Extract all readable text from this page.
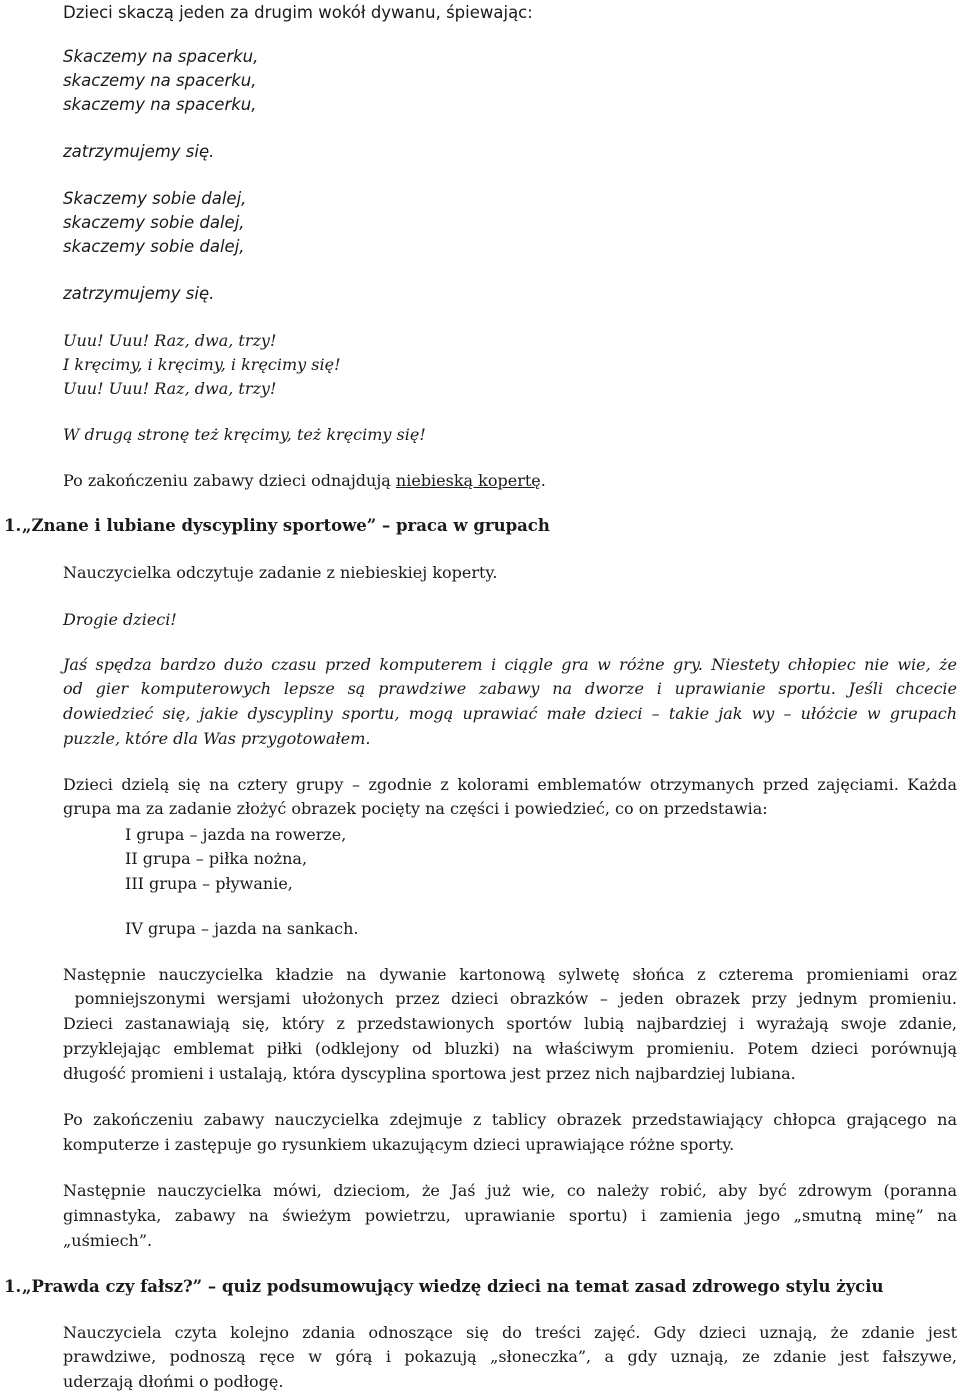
Dzieci skaczą jeden za drugim wokół dywanu, śpiewając:
Skaczemy na spacerku,
skaczemy na spacerku,
skaczemy na spacerku,
zatrzymujemy się.
Skaczemy sobie dalej,
skaczemy sobie dalej,
skaczemy sobie dalej,
zatrzymujemy się.
Uuu! Uuu! Raz, dwa, trzy!
I kręcimy, i kręcimy, i kręcimy się!
Uuu! Uuu! Raz, dwa, trzy!
W drugą stronę też kręcimy, też kręcimy się!
Po zakończeniu zabawy dzieci odnajdują niebieską kopertę.
1. „Znane i lubiane dyscypliny sportowe” – praca w grupach
Nauczycielka odczytuje zadanie z niebieskiej koperty.
Drogie dzieci!
Jaś spędza bardzo dużo czasu przed komputerem i ciągle gra w różne gry. Niestety chłopiec nie wie, że
od gier komputerowych lepsze są prawdziwe zabawy na dworze i uprawianie sportu. Jeśli chcecie
dowiedzieć się, jakie dyscypliny sportu, mogą uprawiać małe dzieci – takie jak wy – ułóżcie w grupach
puzzle, które dla Was przygotowałem.
Dzieci dzielą się na cztery grupy – zgodnie z kolorami emblematów otrzymanych przed zajęciami. Każda
grupa ma za zadanie złożyć obrazek pocięty na części i powiedzieć, co on przedstawia:
I grupa – jazda na rowerze,
II grupa – piłka nożna,
III grupa – pływanie,
IV grupa – jazda na sankach.
Następnie nauczycielka kładzie na dywanie kartonową sylwetę słońca z czterema promieniami oraz
pomniejszonymi wersjami ułożonych przez dzieci obrazków – jeden obrazek przy jednym promieniu.
Dzieci zastanawiają się, który z przedstawionych sportów lubią najbardziej i wyrażają swoje zdanie,
przyklejając emblemat piłki (odklejony od bluzki) na właściwym promieniu. Potem dzieci porównują
długość promieni i ustalają, która dyscyplina sportowa jest przez nich najbardziej lubiana.
Po zakończeniu zabawy nauczycielka zdejmuje z tablicy obrazek przedstawiający chłopca grającego na
komputerze i zastępuje go rysunkiem ukazującym dzieci uprawiające różne sporty.
Następnie nauczycielka mówi, dzieciom, że Jaś już wie, co należy robić, aby być zdrowym (poranna
gimnastyka, zabawy na świeżym powietrzu, uprawianie sportu) i zamienia jego „smutną minę” na
„uśmiech”.
1. „Prawda czy fałsz?” – quiz podsumowujący wiedzę dzieci na temat zasad zdrowego stylu życiu
Nauczyciela czyta kolejno zdania odnoszące się do treści zajęć. Gdy dzieci uznają, że zdanie jest
prawdziwe, podnoszą ręce w górą i pokazują „słoneczka”, a gdy uznają, ze zdanie jest fałszywe,
uderzają dłońmi o podłogę.
